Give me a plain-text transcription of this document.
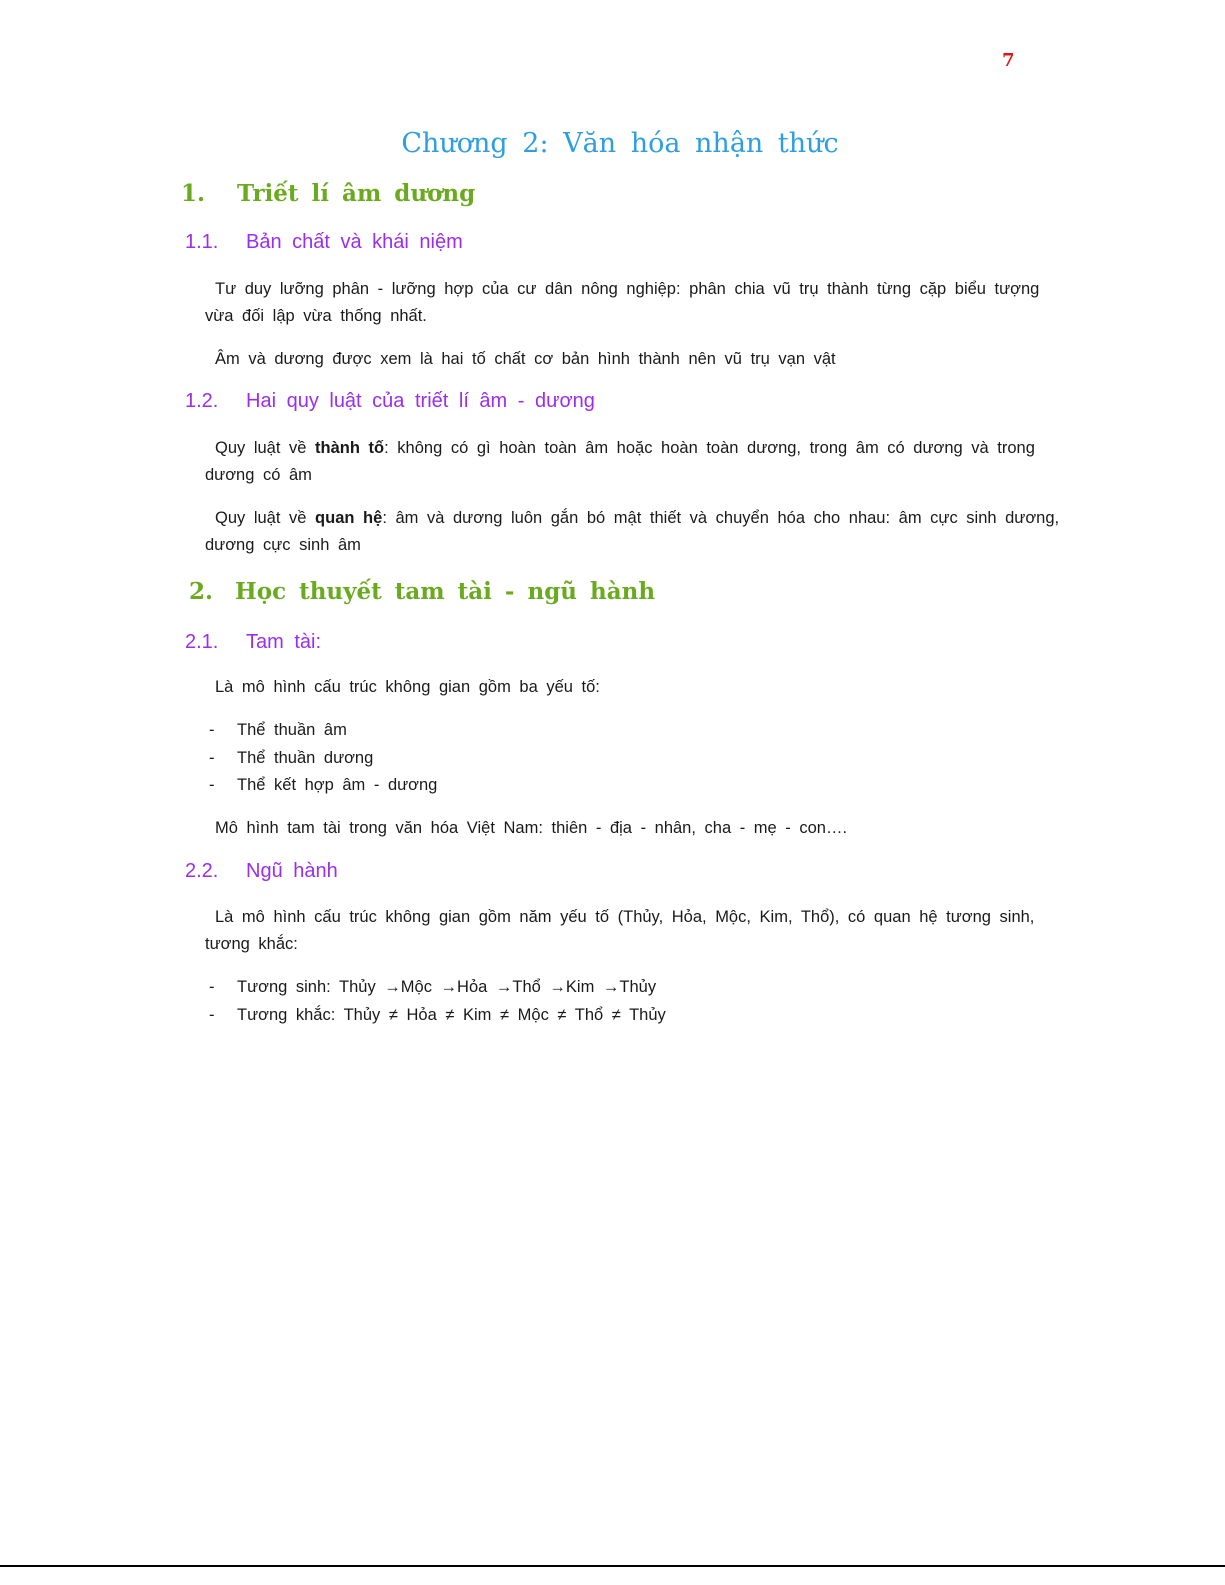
7
Chương 2: Văn hóa nhận thức
1. Triết lí âm dương
1.1. Bản chất và khái niệm
Tư duy lưỡng phân - lưỡng hợp của cư dân nông nghiệp: phân chia vũ trụ thành từng cặp biểu tượng
vừa đối lập vừa thống nhất.
Âm và dương được xem là hai tố chất cơ bản hình thành nên vũ trụ vạn vật
1.2. Hai quy luật của triết lí âm - dương
Quy luật về thành tố: không có gì hoàn toàn âm hoặc hoàn toàn dương, trong âm có dương và trong
dương có âm
Quy luật về quan hệ: âm và dương luôn gắn bó mật thiết và chuyển hóa cho nhau: âm cực sinh dương,
dương cực sinh âm
2. Học thuyết tam tài - ngũ hành
2.1. Tam tài:
Là mô hình cấu trúc không gian gồm ba yếu tố:
- Thể thuần âm
- Thể thuần dương
- Thể kết hợp âm - dương
Mô hình tam tài trong văn hóa Việt Nam: thiên - địa - nhân, cha - mẹ - con….
2.2. Ngũ hành
Là mô hình cấu trúc không gian gồm năm yếu tố (Thủy, Hỏa, Mộc, Kim, Thổ), có quan hệ tương sinh,
tương khắc:
- Tương sinh: Thủy →Mộc →Hỏa →Thổ →Kim →Thủy
- Tương khắc: Thủy ≠ Hỏa ≠ Kim ≠ Mộc ≠ Thổ ≠ Thủy
